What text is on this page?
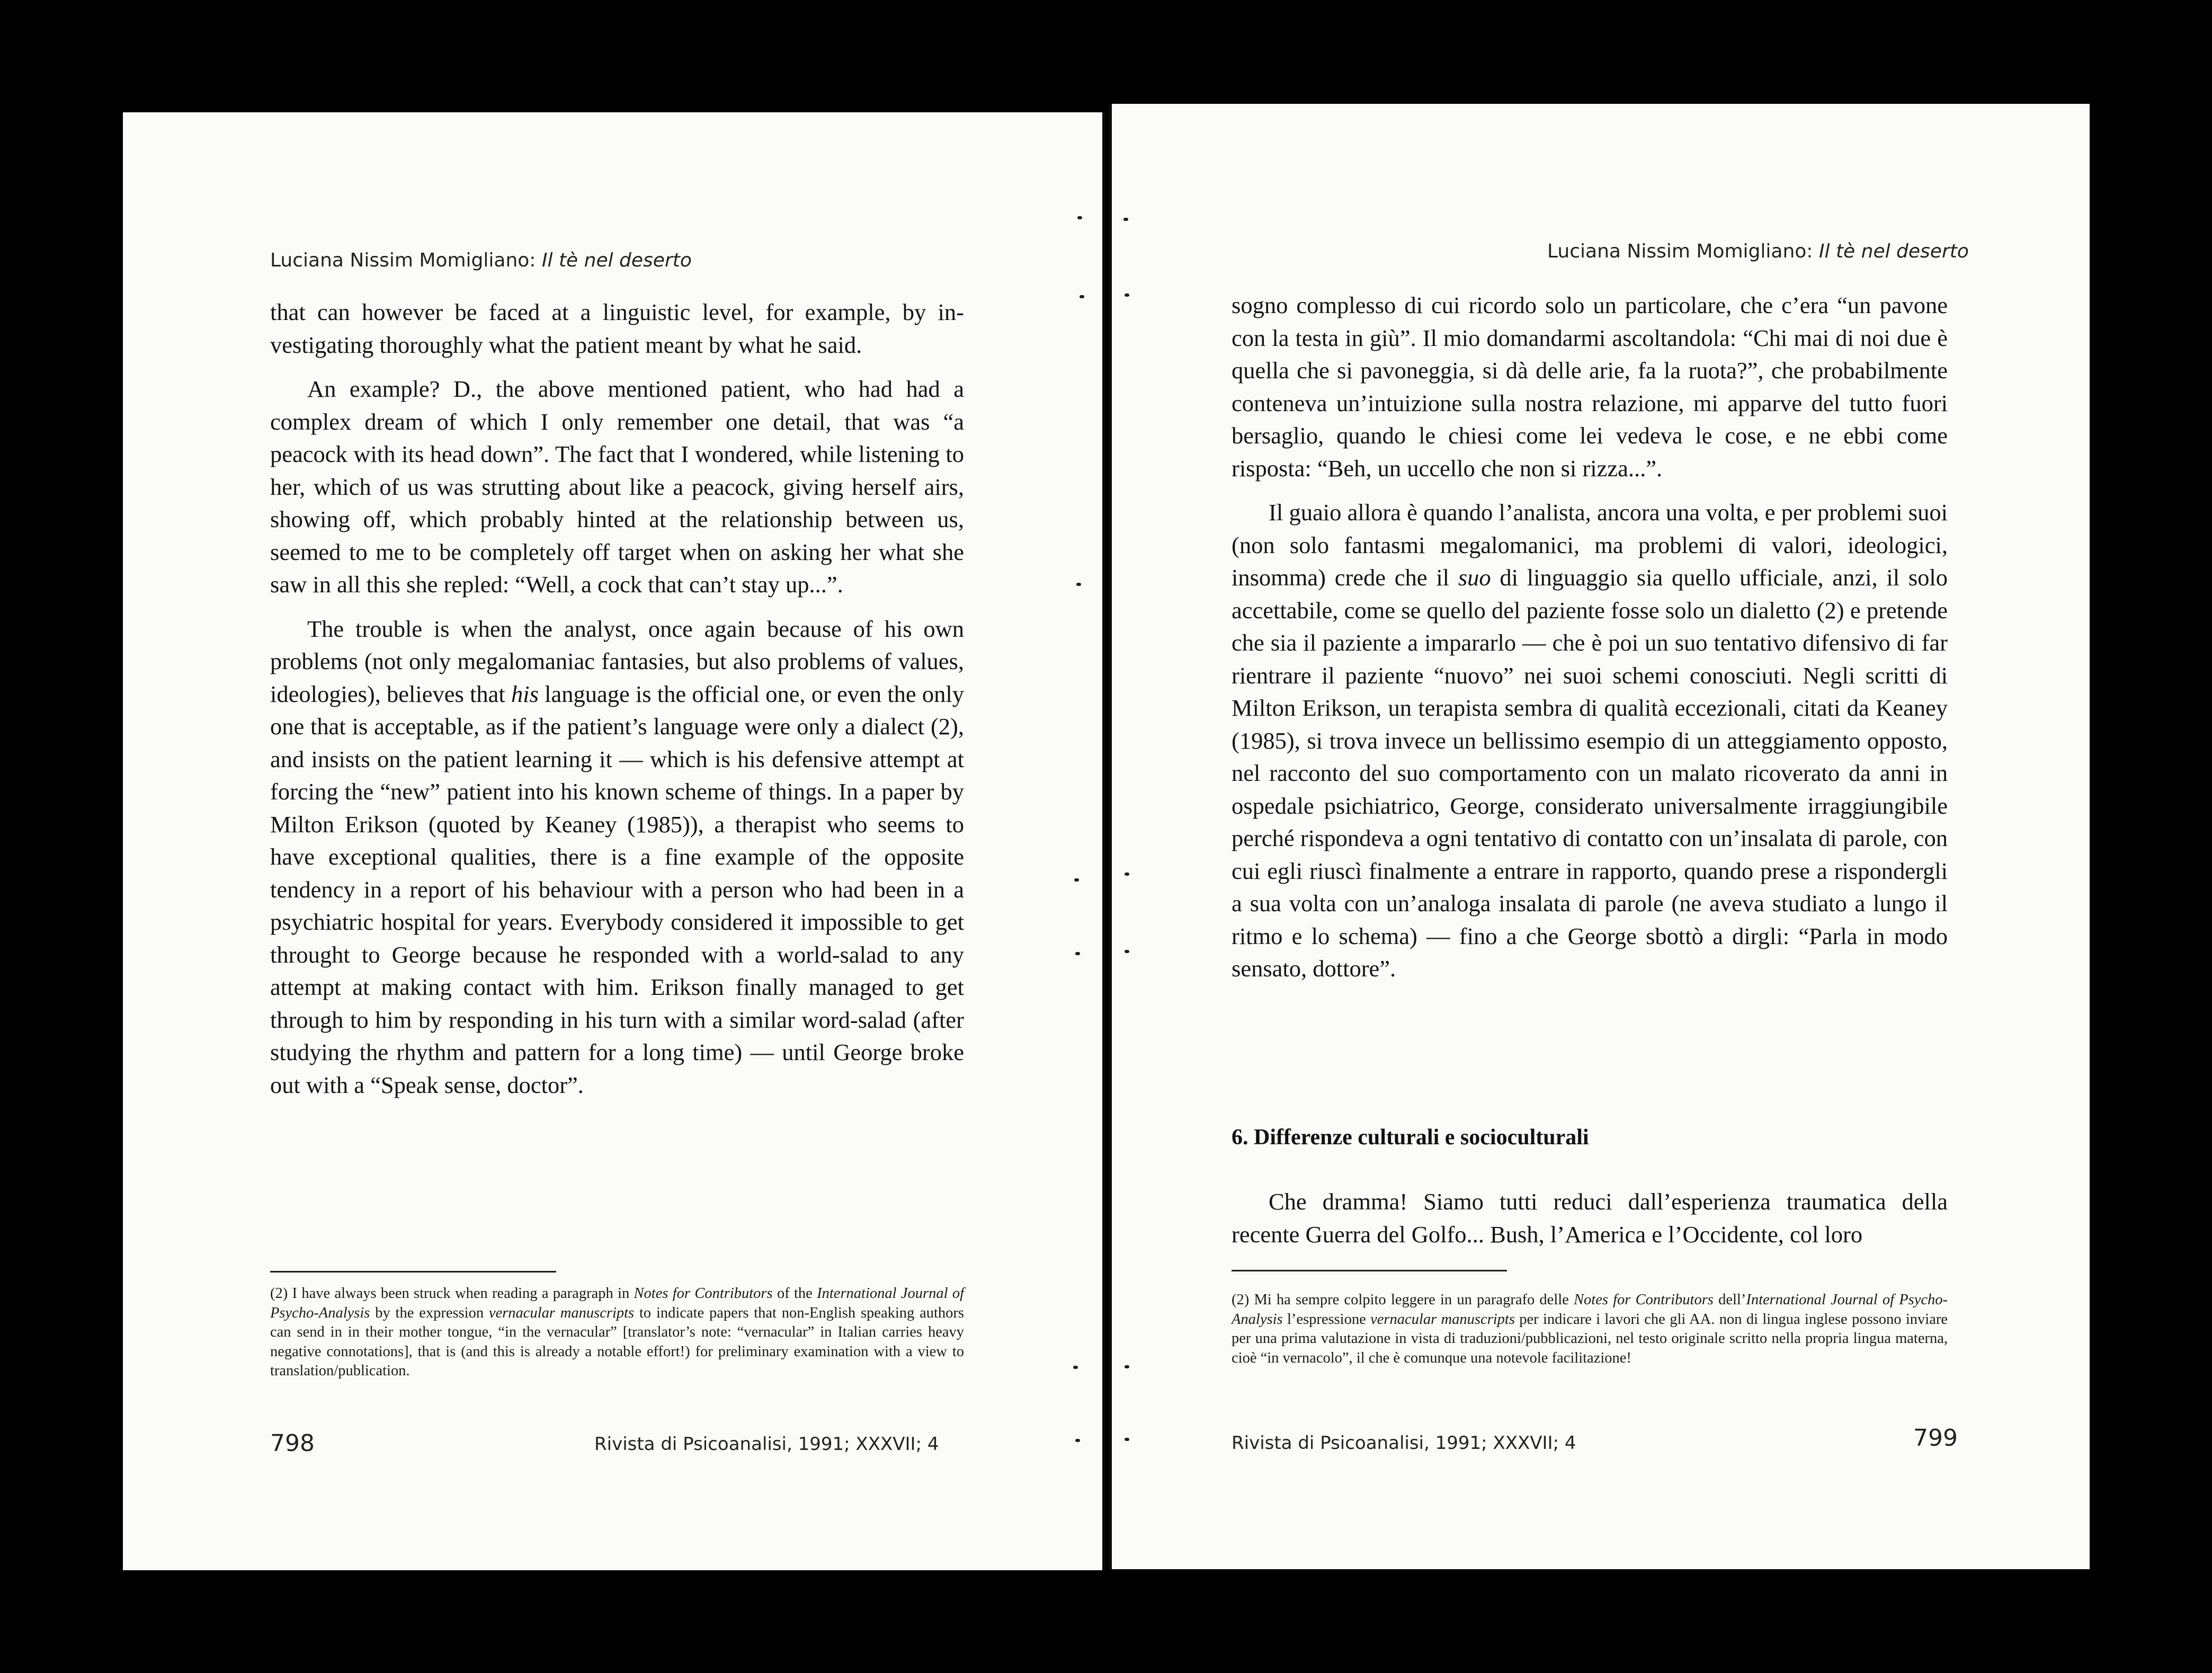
Luciana Nissim Momigliano: Il tè nel deserto

that can however be faced at a linguistic level, for example, by investigating thoroughly what the patient meant by what he said.

An example? D., the above mentioned patient, who had had a complex dream of which I only remember one detail, that was “a peacock with its head down”. The fact that I wondered, while listening to her, which of us was strutting about like a peacock, giving herself airs, showing off, which probably hinted at the relationship between us, seemed to me to be completely off target when on asking her what she saw in all this she repled: “Well, a cock that can’t stay up...”.

The trouble is when the analyst, once again because of his own problems (not only megalomaniac fantasies, but also problems of values, ideologies), believes that his language is the official one, or even the only one that is acceptable, as if the patient’s language were only a dialect (2), and insists on the patient learning it — which is his defensive attempt at forcing the “new” patient into his known scheme of things. In a paper by Milton Erikson (quoted by Keaney (1985)), a therapist who seems to have exceptional qualities, there is a fine example of the opposite tendency in a report of his behaviour with a person who had been in a psychiatric hospital for years. Everybody considered it impossible to get throught to George because he responded with a world-salad to any attempt at making contact with him. Erikson finally managed to get through to him by responding in his turn with a similar word-salad (after studying the rhythm and pattern for a long time) — until George broke out with a “Speak sense, doctor”.

(2) I have always been struck when reading a paragraph in Notes for Contributors of the International Journal of Psycho-Analysis by the expression vernacular manuscripts to indicate papers that non-English speaking authors can send in in their mother tongue, “in the vernacular” [translator’s note: “vernacular” in Italian carries heavy negative connotations], that is (and this is already a notable effort!) for preliminary examination with a view to translation/publication.

798	Rivista di Psicoanalisi, 1991; XXXVII; 4
Luciana Nissim Momigliano: Il tè nel deserto

sogno complesso di cui ricordo solo un particolare, che c’era “un pavone con la testa in giù”. Il mio domandarmi ascoltandola: “Chi mai di noi due è quella che si pavoneggia, si dà delle arie, fa la ruota?”, che probabilmente conteneva un’intuizione sulla nostra relazione, mi apparve del tutto fuori bersaglio, quando le chiesi come lei vedeva le cose, e ne ebbi come risposta: “Beh, un uccello che non si rizza...”.

Il guaio allora è quando l’analista, ancora una volta, e per problemi suoi (non solo fantasmi megalomanici, ma problemi di valori, ideologici, insomma) crede che il suo di linguaggio sia quello ufficiale, anzi, il solo accettabile, come se quello del paziente fosse solo un dialetto (2) e pretende che sia il paziente a impararlo — che è poi un suo tentativo difensivo di far rientrare il paziente “nuovo” nei suoi schemi conosciuti. Negli scritti di Milton Erikson, un terapista sembra di qualità eccezionali, citati da Keaney (1985), si trova invece un bellissimo esempio di un atteggiamento opposto, nel racconto del suo comportamento con un malato ricoverato da anni in ospedale psichiatrico, George, considerato universalmente irraggiungibile perché rispondeva a ogni tentativo di contatto con un’insalata di parole, con cui egli riuscì finalmente a entrare in rapporto, quando prese a rispondergli a sua volta con un’analoga insalata di parole (ne aveva studiato a lungo il ritmo e lo schema) — fino a che George sbottò a dirgli: “Parla in modo sensato, dottore”.

6. Differenze culturali e socioculturali

Che dramma! Siamo tutti reduci dall’esperienza traumatica della recente Guerra del Golfo... Bush, l’America e l’Occidente, col loro

(2) Mi ha sempre colpito leggere in un paragrafo delle Notes for Contributors dell’International Journal of Psycho-Analysis l’espressione vernacular manuscripts per indicare i lavori che gli AA. non di lingua inglese possono inviare per una prima valutazione in vista di traduzioni/pubblicazioni, nel testo originale scritto nella propria lingua materna, cioè “in vernacolo”, il che è comunque una notevole facilitazione!

Rivista di Psicoanalisi, 1991; XXXVII; 4	799
